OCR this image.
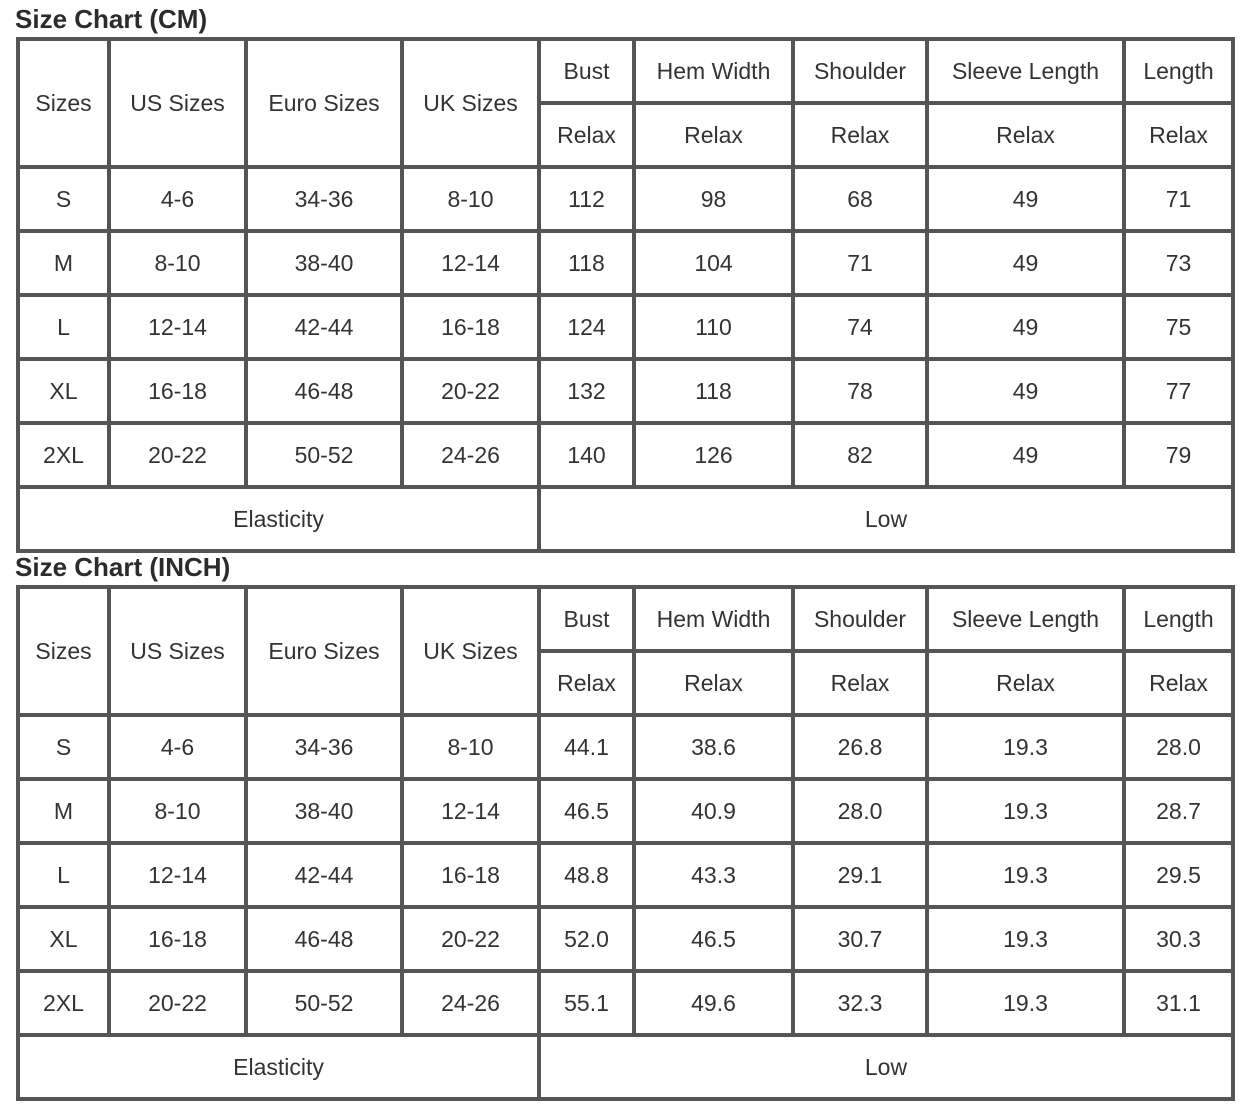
Size Chart (CM)
Sizes	US Sizes	Euro Sizes	UK Sizes	Bust	Hem Width	Shoulder	Sleeve Length	Length
				Relax	Relax	Relax	Relax	Relax
S	4-6	34-36	8-10	112	98	68	49	71
M	8-10	38-40	12-14	118	104	71	49	73
L	12-14	42-44	16-18	124	110	74	49	75
XL	16-18	46-48	20-22	132	118	78	49	77
2XL	20-22	50-52	24-26	140	126	82	49	79
Elasticity				Low				
Size Chart (INCH)
Sizes	US Sizes	Euro Sizes	UK Sizes	Bust	Hem Width	Shoulder	Sleeve Length	Length
				Relax	Relax	Relax	Relax	Relax
S	4-6	34-36	8-10	44.1	38.6	26.8	19.3	28.0
M	8-10	38-40	12-14	46.5	40.9	28.0	19.3	28.7
L	12-14	42-44	16-18	48.8	43.3	29.1	19.3	29.5
XL	16-18	46-48	20-22	52.0	46.5	30.7	19.3	30.3
2XL	20-22	50-52	24-26	55.1	49.6	32.3	19.3	31.1
Elasticity				Low				
